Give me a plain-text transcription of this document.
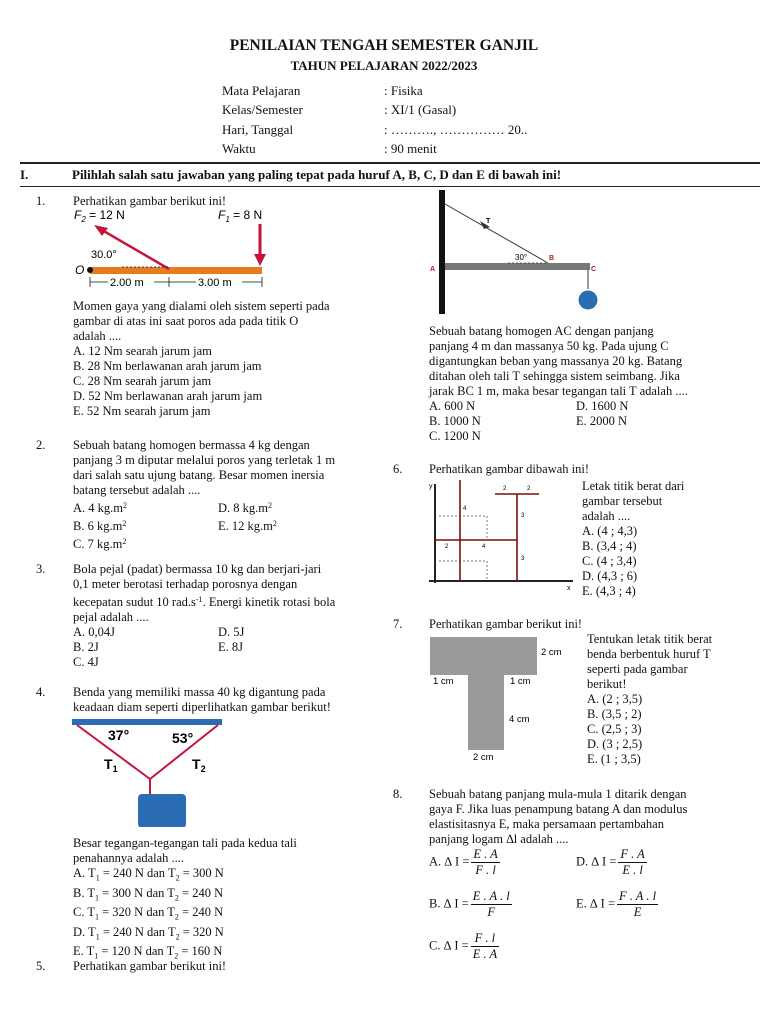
PENILAIAN TENGAH SEMESTER GANJIL
TAHUN PELAJARAN 2022/2023
Mata Pelajaran	: Fisika
Kelas/Semester	: XI/1 (Gasal)
Hari, Tanggal	: ………., …………… 20..
Waktu	: 90 menit
I.	Pilihlah salah satu jawaban yang paling tepat pada huruf A, B, C, D dan E di bawah ini!
1. Perhatikan gambar berikut ini!
$F_2 = 12$ N	$F_1 = 8$ N
30.0°
O
2.00 m	3.00 m
Momen gaya yang dialami oleh sistem seperti pada
gambar di atas ini saat poros ada pada titik O
adalah ....
A. 12 Nm searah jarum jam
B. 28 Nm berlawanan arah jarum jam
C. 28 Nm searah jarum jam
D. 52 Nm berlawanan arah jarum jam
E. 52 Nm searah jarum jam
2. Sebuah batang homogen bermassa 4 kg dengan
panjang 3 m diputar melalui poros yang terletak 1 m
dari salah satu ujung batang. Besar momen inersia
batang tersebut adalah ....
A. 4 $kg.m^2$	D. 8 $kg.m^2$
B. 6 $kg.m^2$	E. 12 $kg.m^2$
C. 7 $kg.m^2$
3. Bola pejal (padat) bermassa 10 kg dan berjari-jari
0,1 meter berotasi terhadap porosnya dengan
kecepatan sudut 10 $rad.s^{-1}$. Energi kinetik rotasi bola
pejal adalah ....
A. 0,04J	D. 5J
B. 2J	E. 8J
C. 4J
4. Benda yang memiliki massa 40 kg digantung pada
keadaan diam seperti diperlihatkan gambar berikut!
37°	53°
$T_1$	$T_2$
Besar tegangan-tegangan tali pada kedua tali
penahannya adalah ....
A. $T_1 = 240$ N dan $T_2 = 300$ N
B. $T_1 = 300$ N dan $T_2 = 240$ N
C. $T_1 = 320$ N dan $T_2 = 240$ N
D. $T_1 = 240$ N dan $T_2 = 320$ N
E. $T_1 = 120$ N dan $T_2 = 160$ N
5. Perhatikan gambar berikut ini!
T
30°
A
B
C
Sebuah batang homogen AC dengan panjang
panjang 4 m dan massanya 50 kg. Pada ujung C
digantungkan beban yang massanya 20 kg. Batang
ditahan oleh tali T sehingga sistem seimbang. Jika
jarak BC 1 m, maka besar tegangan tali T adalah ....
A. 600 N	D. 1600 N
B. 1000 N	E. 2000 N
C. 1200 N
6. Perhatikan gambar dibawah ini!
y
x
2	2
4
3
2	4
3
Letak titik berat dari
gambar tersebut
adalah ....
A. (4 ; 4,3)
B. (3,4 ; 4)
C. (4 ; 3,4)
D. (4,3 ; 6)
E. (4,3 ; 4)
7. Perhatikan gambar berikut ini!
2 cm
1 cm	1 cm
4 cm
2 cm
Tentukan letak titik berat
benda berbentuk huruf T
seperti pada gambar
berikut!
A. (2 ; 3,5)
B. (3,5 ; 2)
C. (2,5 ; 3)
D. (3 ; 2,5)
E. (1 ; 3,5)
8. Sebuah batang panjang mula-mula 1 ditarik dengan
gaya F. Jika luas penampung batang A dan modulus
elastisitasnya E, maka persamaan pertambahan
panjang logam ∆l adalah ....
A. ∆ $I = \frac{E . A}{F . l}$	D. ∆ $I = \frac{F . A}{E . l}$
B. ∆ $I = \frac{E . A . l}{F}$	E. ∆ $I = \frac{F . A . l}{E}$
C. ∆ $I = \frac{F . l}{E . A}$
